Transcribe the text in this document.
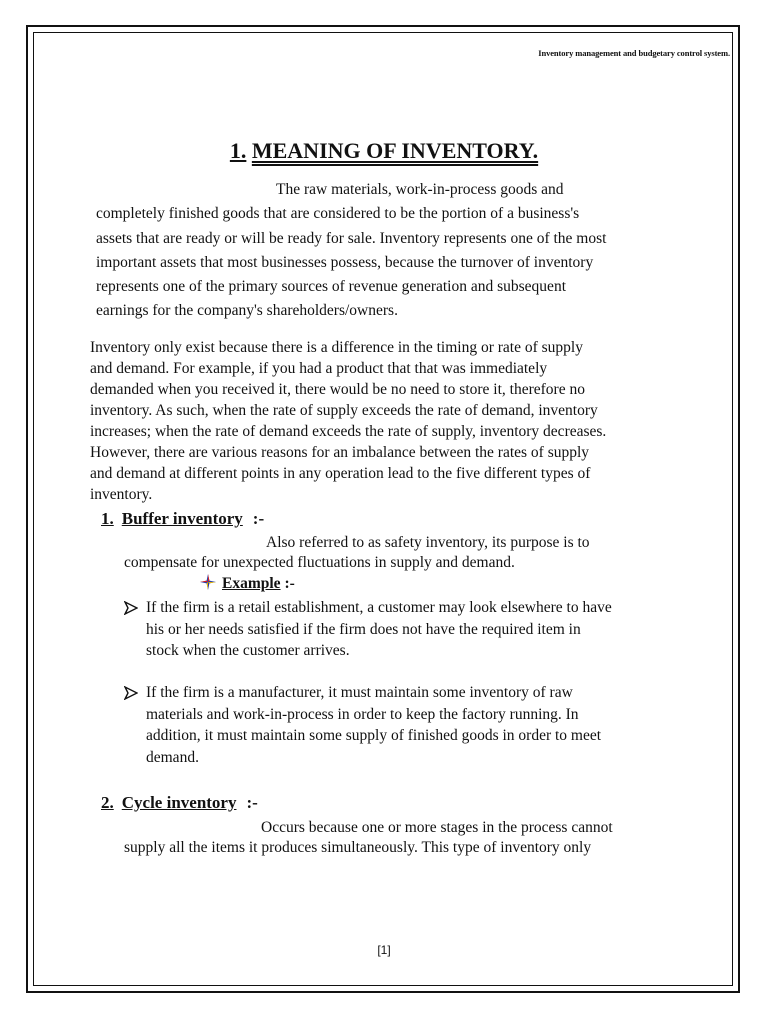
Inventory management and budgetary control system.
1. MEANING OF INVENTORY.
The raw materials, work-in-process goods and
completely finished goods that are considered to be the portion of a business's
assets that are ready or will be ready for sale. Inventory represents one of the most
important assets that most businesses possess, because the turnover of inventory
represents one of the primary sources of revenue generation and subsequent
earnings for the company's shareholders/owners.
Inventory only exist because there is a difference in the timing or rate of supply
and demand. For example, if you had a product that that was immediately
demanded when you received it, there would be no need to store it, therefore no
inventory. As such, when the rate of supply exceeds the rate of demand, inventory
increases; when the rate of demand exceeds the rate of supply, inventory decreases.
However, there are various reasons for an imbalance between the rates of supply
and demand at different points in any operation lead to the five different types of
inventory.
1. Buffer inventory :-
Also referred to as safety inventory, its purpose is to
compensate for unexpected fluctuations in supply and demand.
Example :-
If the firm is a retail establishment, a customer may look elsewhere to have
his or her needs satisfied if the firm does not have the required item in
stock when the customer arrives.
If the firm is a manufacturer, it must maintain some inventory of raw
materials and work-in-process in order to keep the factory running. In
addition, it must maintain some supply of finished goods in order to meet
demand.
2. Cycle inventory :-
Occurs because one or more stages in the process cannot
supply all the items it produces simultaneously. This type of inventory only
[1]
